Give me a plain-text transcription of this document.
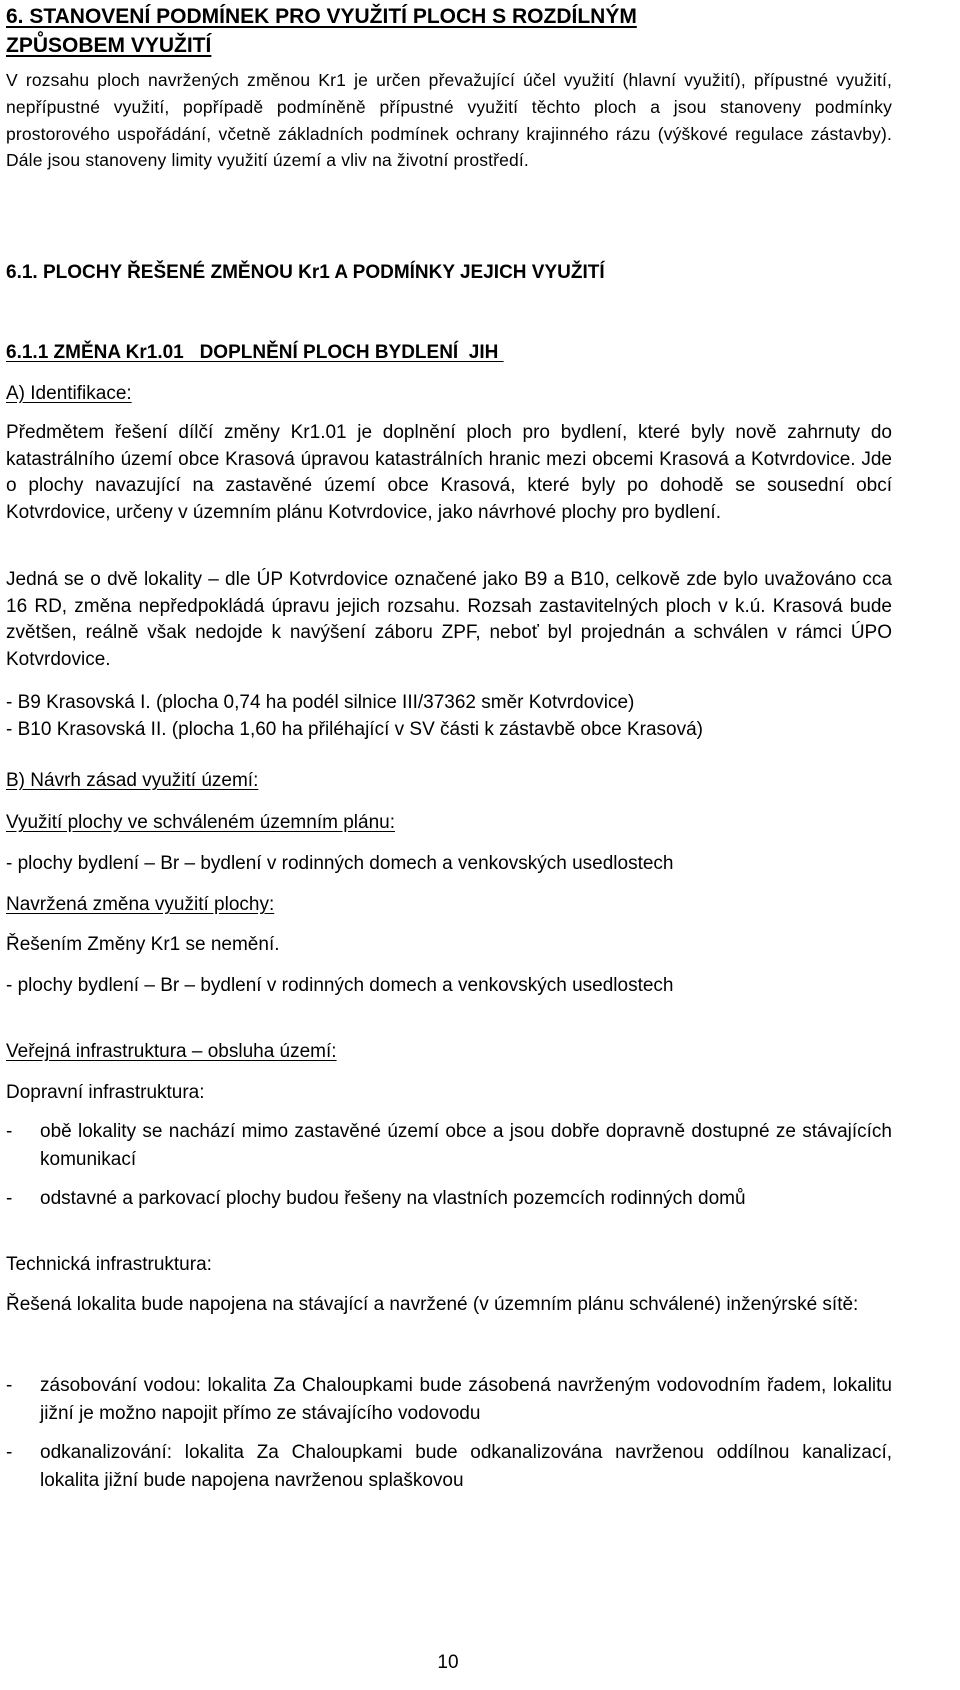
6. STANOVENÍ PODMÍNEK PRO VYUŽITÍ PLOCH S ROZDÍLNÝM
ZPŮSOBEM VYUŽITÍ
V rozsahu ploch navržených změnou Kr1 je určen převažující účel využití (hlavní využití), přípustné využití, nepřípustné využití, popřípadě podmíněně přípustné využití těchto ploch a jsou stanoveny podmínky prostorového uspořádání, včetně základních podmínek ochrany krajinného rázu (výškové regulace zástavby). Dále jsou stanoveny limity využití území a vliv na životní prostředí.
6.1. PLOCHY ŘEŠENÉ ZMĚNOU Kr1 A PODMÍNKY JEJICH VYUŽITÍ
6.1.1 ZMĚNA Kr1.01   DOPLNĚNÍ PLOCH BYDLENÍ  JIH
A) Identifikace:
Předmětem řešení dílčí změny Kr1.01 je doplnění ploch pro bydlení, které byly nově zahrnuty do katastrálního území obce Krasová úpravou katastrálních hranic mezi obcemi Krasová a Kotvrdovice. Jde o plochy navazující na zastavěné území obce Krasová, které byly po dohodě se sousední obcí Kotvrdovice, určeny v územním plánu Kotvrdovice, jako návrhové plochy pro bydlení.
Jedná se o dvě lokality – dle ÚP Kotvrdovice označené jako B9 a B10, celkově zde bylo uvažováno cca 16 RD, změna nepředpokládá úpravu jejich rozsahu. Rozsah zastavitelných ploch v k.ú. Krasová bude zvětšen, reálně však nedojde k navýšení záboru ZPF, neboť byl projednán a schválen v rámci ÚPO Kotvrdovice.
- B9 Krasovská I. (plocha 0,74 ha podél silnice III/37362 směr Kotvrdovice)
- B10 Krasovská II. (plocha 1,60 ha přiléhající v SV části k zástavbě obce Krasová)
B) Návrh zásad využití území:
Využití plochy ve schváleném územním plánu:
- plochy bydlení – Br – bydlení v rodinných domech a venkovských usedlostech
Navržená změna využití plochy:
Řešením Změny Kr1 se nemění.
- plochy bydlení – Br – bydlení v rodinných domech a venkovských usedlostech
Veřejná infrastruktura – obsluha území:
Dopravní infrastruktura:
- obě lokality se nachází mimo zastavěné území obce a jsou dobře dopravně dostupné ze stávajících komunikací
- odstavné a parkovací plochy budou řešeny na vlastních pozemcích rodinných domů
Technická infrastruktura:
Řešená lokalita bude napojena na stávající a navržené (v územním plánu schválené) inženýrské sítě:
- zásobování vodou: lokalita Za Chaloupkami bude zásobená navrženým vodovodním řadem, lokalitu jižní je možno napojit přímo ze stávajícího vodovodu
- odkanalizování: lokalita Za Chaloupkami bude odkanalizována navrženou oddílnou kanalizací, lokalita jižní bude napojena navrženou splaškovou
10
